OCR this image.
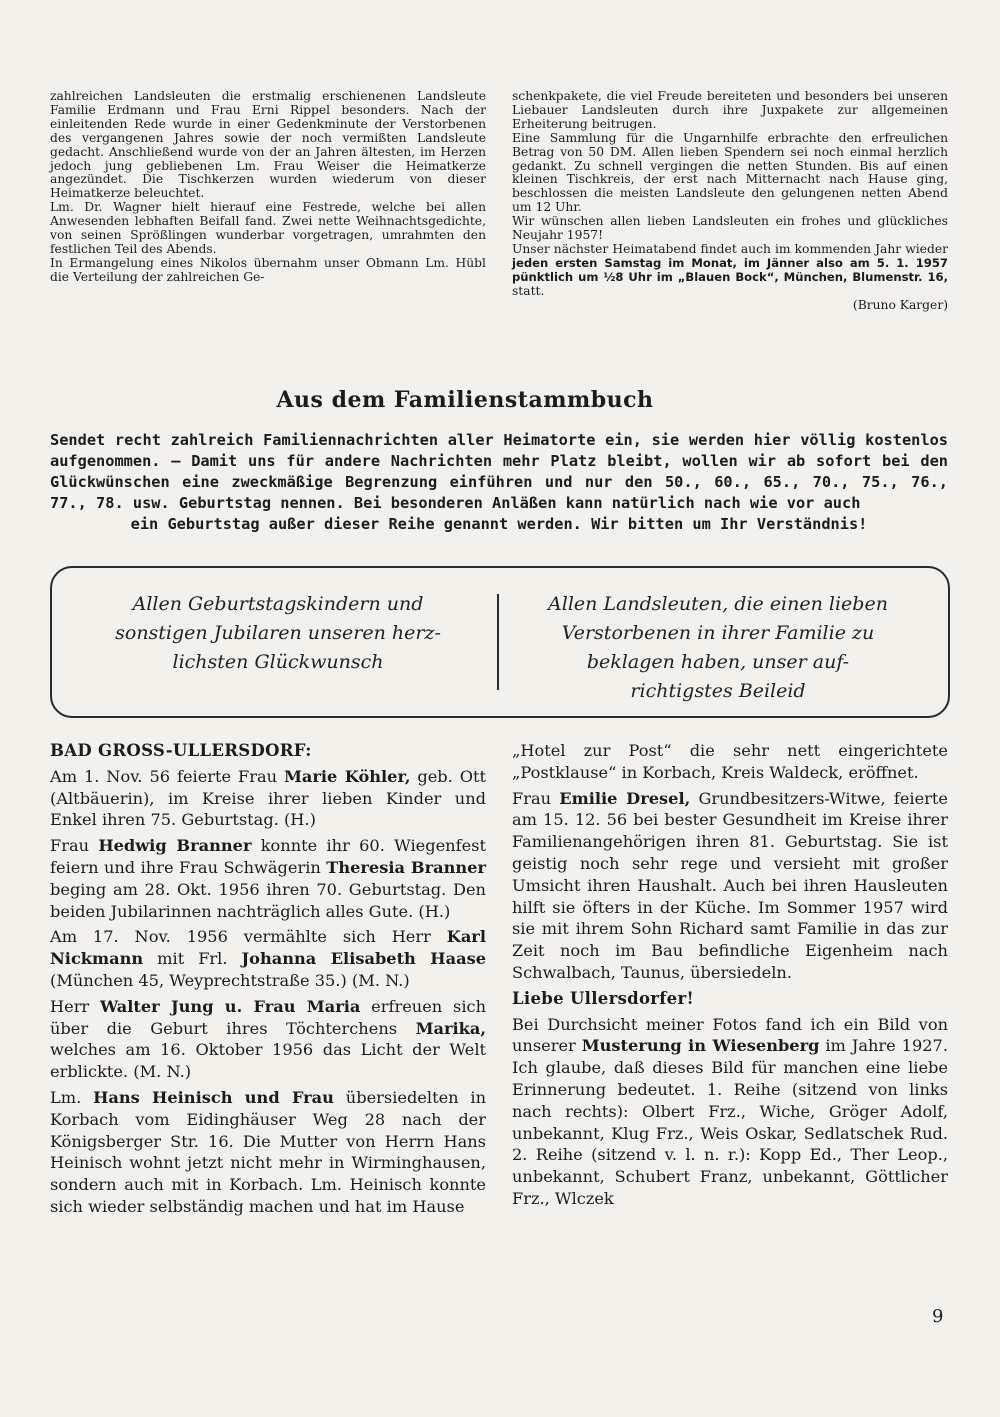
zahlreichen Landsleuten die erstmalig erschienenen Landsleute Familie Erdmann und Frau Erni Rippel besonders. Nach der einleitenden Rede wurde in einer Gedenkminute der Verstorbenen des vergangenen Jahres sowie der noch vermißten Landsleute gedacht. Anschließend wurde von der an Jahren ältesten, im Herzen jedoch jung gebliebenen Lm. Frau Weiser die Heimatkerze angezündet. Die Tischkerzen wurden wiederum von dieser Heimatkerze beleuchtet.

Lm. Dr. Wagner hielt hierauf eine Festrede, welche bei allen Anwesenden lebhaften Beifall fand. Zwei nette Weihnachtsgedichte, von seinen Sprößlingen wunderbar vorgetragen, umrahmten den festlichen Teil des Abends.

In Ermangelung eines Nikolos übernahm unser Obmann Lm. Hübl die Verteilung der zahlreichen Ge-

schenkpakete, die viel Freude bereiteten und besonders bei unseren Liebauer Landsleuten durch ihre Juxpakete zur allgemeinen Erheiterung beitrugen.

Eine Sammlung für die Ungarnhilfe erbrachte den erfreulichen Betrag von 50 DM. Allen lieben Spendern sei noch einmal herzlich gedankt. Zu schnell vergingen die netten Stunden. Bis auf einen kleinen Tischkreis, der erst nach Mitternacht nach Hause ging, beschlossen die meisten Landsleute den gelungenen netten Abend um 12 Uhr.

Wir wünschen allen lieben Landsleuten ein frohes und glückliches Neujahr 1957!

Unser nächster Heimatabend findet auch im kommenden Jahr wieder jeden ersten Samstag im Monat, im Jänner also am 5. 1. 1957 pünktlich um ½8 Uhr im „Blauen Bock“, München, Blumenstr. 16, statt.

(Bruno Karger)

Aus dem Familienstammbuch

Sendet recht zahlreich Familiennachrichten aller Heimatorte ein, sie werden hier völlig kostenlos aufgenommen. — Damit uns für andere Nachrichten mehr Platz bleibt, wollen wir ab sofort bei den Glückwünschen eine zweckmäßige Begrenzung einführen und nur den 50., 60., 65., 70., 75., 76., 77., 78. usw. Geburtstag nennen. Bei besonderen Anläßen kann natürlich nach wie vor auch

ein Geburtstag außer dieser Reihe genannt werden. Wir bitten um Ihr Verständnis!

Allen Geburtstagskindern und sonstigen Jubilaren unseren herz-lichsten Glückwunsch
Allen Landsleuten, die einen lieben Verstorbenen in ihrer Familie zu beklagen haben, unser auf-richtigstes Beileid
BAD GROSS-ULLERSDORF:

Am 1. Nov. 56 feierte Frau Marie Köhler, geb. Ott (Altbäuerin), im Kreise ihrer lieben Kinder und Enkel ihren 75. Geburtstag. (H.)

Frau Hedwig Branner konnte ihr 60. Wiegenfest feiern und ihre Frau Schwägerin Theresia Branner beging am 28. Okt. 1956 ihren 70. Geburtstag. Den beiden Jubilarinnen nachträglich alles Gute. (H.)

Am 17. Nov. 1956 vermählte sich Herr Karl Nickmann mit Frl. Johanna Elisabeth Haase (München 45, Weyprechtstraße 35.) (M. N.)

Herr Walter Jung u. Frau Maria erfreuen sich über die Geburt ihres Töchterchens Marika, welches am 16. Oktober 1956 das Licht der Welt erblickte. (M. N.)

Lm. Hans Heinisch und Frau übersiedelten in Korbach vom Eidinghäuser Weg 28 nach der Königsberger Str. 16. Die Mutter von Herrn Hans Heinisch wohnt jetzt nicht mehr in Wirminghausen, sondern auch mit in Korbach. Lm. Heinisch konnte sich wieder selbständig machen und hat im Hause

„Hotel zur Post“ die sehr nett eingerichtete „Postklause“ in Korbach, Kreis Waldeck, eröffnet.

Frau Emilie Dresel, Grundbesitzers-Witwe, feierte am 15. 12. 56 bei bester Gesundheit im Kreise ihrer Familienangehörigen ihren 81. Geburtstag. Sie ist geistig noch sehr rege und versieht mit großer Umsicht ihren Haushalt. Auch bei ihren Hausleuten hilft sie öfters in der Küche. Im Sommer 1957 wird sie mit ihrem Sohn Richard samt Familie in das zur Zeit noch im Bau befindliche Eigenheim nach Schwalbach, Taunus, übersiedeln.

Liebe Ullersdorfer!

Bei Durchsicht meiner Fotos fand ich ein Bild von unserer Musterung in Wiesenberg im Jahre 1927. Ich glaube, daß dieses Bild für manchen eine liebe Erinnerung bedeutet. 1. Reihe (sitzend von links nach rechts): Olbert Frz., Wiche, Gröger Adolf, unbekannt, Klug Frz., Weis Oskar, Sedlatschek Rud. 2. Reihe (sitzend v. l. n. r.): Kopp Ed., Ther Leop., unbekannt, Schubert Franz, unbekannt, Göttlicher Frz., Wlczek

9
